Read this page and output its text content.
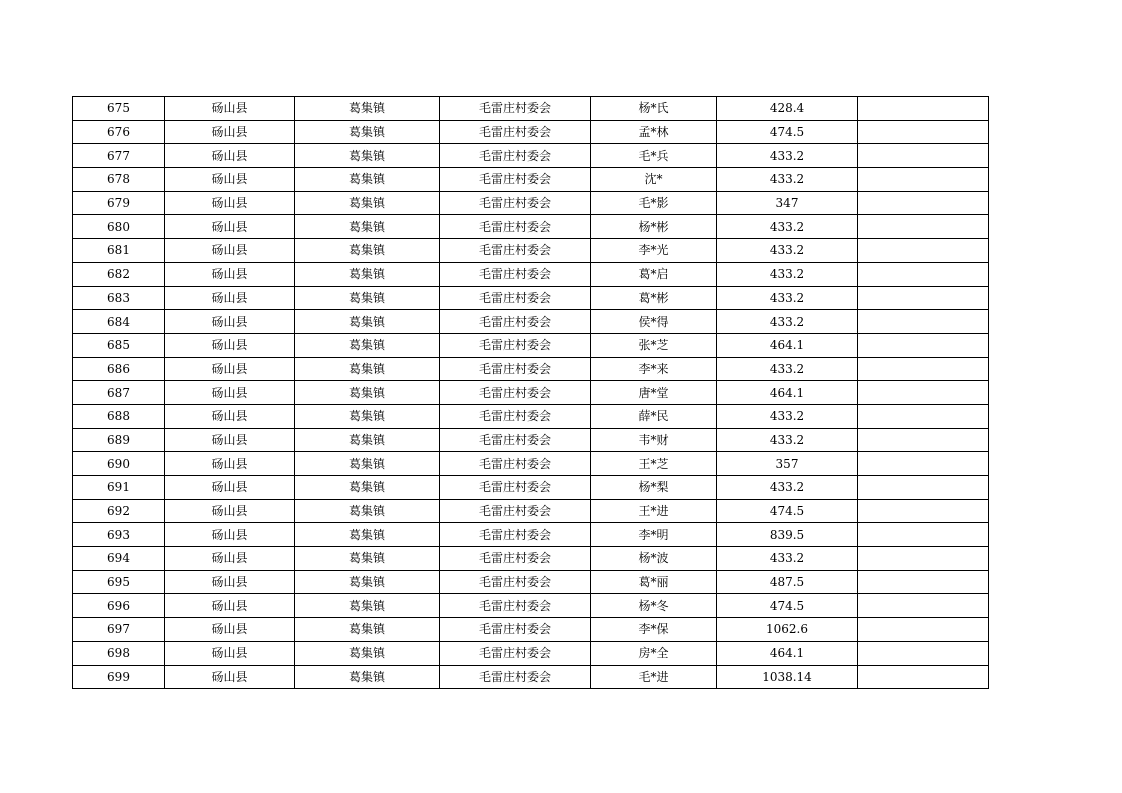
675	砀山县	葛集镇	毛雷庄村委会	杨*氏	428.4	
676	砀山县	葛集镇	毛雷庄村委会	孟*林	474.5	
677	砀山县	葛集镇	毛雷庄村委会	毛*兵	433.2	
678	砀山县	葛集镇	毛雷庄村委会	沈*	433.2	
679	砀山县	葛集镇	毛雷庄村委会	毛*影	347	
680	砀山县	葛集镇	毛雷庄村委会	杨*彬	433.2	
681	砀山县	葛集镇	毛雷庄村委会	李*光	433.2	
682	砀山县	葛集镇	毛雷庄村委会	葛*启	433.2	
683	砀山县	葛集镇	毛雷庄村委会	葛*彬	433.2	
684	砀山县	葛集镇	毛雷庄村委会	侯*得	433.2	
685	砀山县	葛集镇	毛雷庄村委会	张*芝	464.1	
686	砀山县	葛集镇	毛雷庄村委会	李*来	433.2	
687	砀山县	葛集镇	毛雷庄村委会	唐*堂	464.1	
688	砀山县	葛集镇	毛雷庄村委会	薛*民	433.2	
689	砀山县	葛集镇	毛雷庄村委会	韦*财	433.2	
690	砀山县	葛集镇	毛雷庄村委会	王*芝	357	
691	砀山县	葛集镇	毛雷庄村委会	杨*梨	433.2	
692	砀山县	葛集镇	毛雷庄村委会	王*进	474.5	
693	砀山县	葛集镇	毛雷庄村委会	李*明	839.5	
694	砀山县	葛集镇	毛雷庄村委会	杨*波	433.2	
695	砀山县	葛集镇	毛雷庄村委会	葛*丽	487.5	
696	砀山县	葛集镇	毛雷庄村委会	杨*冬	474.5	
697	砀山县	葛集镇	毛雷庄村委会	李*保	1062.6	
698	砀山县	葛集镇	毛雷庄村委会	房*全	464.1	
699	砀山县	葛集镇	毛雷庄村委会	毛*进	1038.14	
